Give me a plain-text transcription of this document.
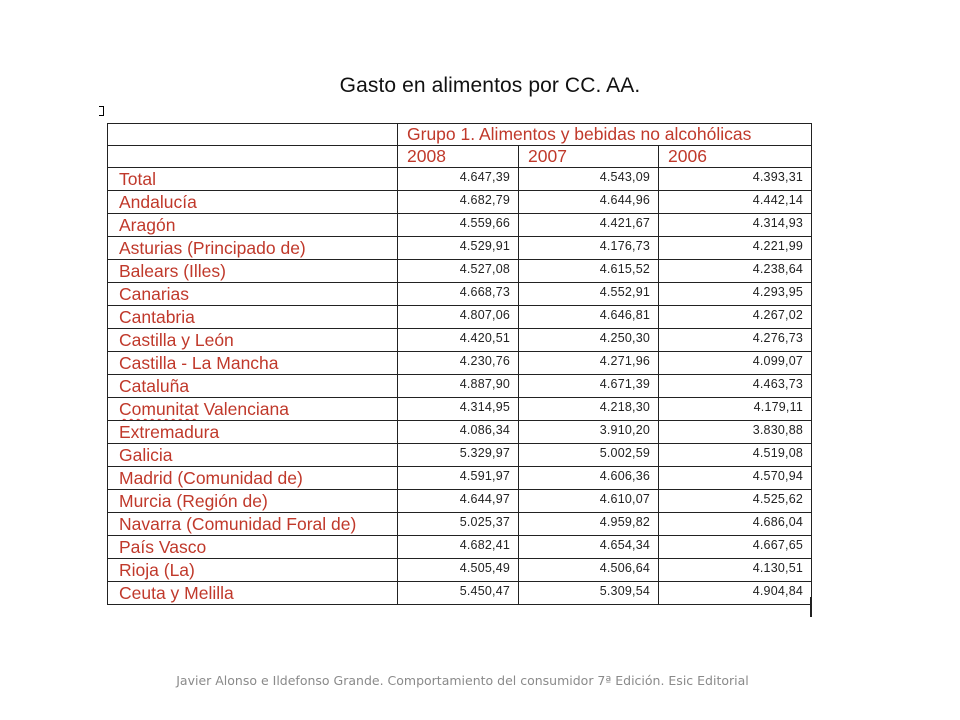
Gasto en alimentos por CC. AA.
	Grupo 1. Alimentos y bebidas no alcohólicas		
	2008	2007	2006
Total	4.647,39	4.543,09	4.393,31
Andalucía	4.682,79	4.644,96	4.442,14
Aragón	4.559,66	4.421,67	4.314,93
Asturias (Principado de)	4.529,91	4.176,73	4.221,99
Balears (Illes)	4.527,08	4.615,52	4.238,64
Canarias	4.668,73	4.552,91	4.293,95
Cantabria	4.807,06	4.646,81	4.267,02
Castilla y León	4.420,51	4.250,30	4.276,73
Castilla - La Mancha	4.230,76	4.271,96	4.099,07
Cataluña	4.887,90	4.671,39	4.463,73
Comunitat Valenciana	4.314,95	4.218,30	4.179,11
Extremadura	4.086,34	3.910,20	3.830,88
Galicia	5.329,97	5.002,59	4.519,08
Madrid (Comunidad de)	4.591,97	4.606,36	4.570,94
Murcia (Región de)	4.644,97	4.610,07	4.525,62
Navarra (Comunidad Foral de)	5.025,37	4.959,82	4.686,04
País Vasco	4.682,41	4.654,34	4.667,65
Rioja (La)	4.505,49	4.506,64	4.130,51
Ceuta y Melilla	5.450,47	5.309,54	4.904,84
Javier Alonso e Ildefonso Grande. Comportamiento del consumidor 7ª Edición. Esic Editorial
